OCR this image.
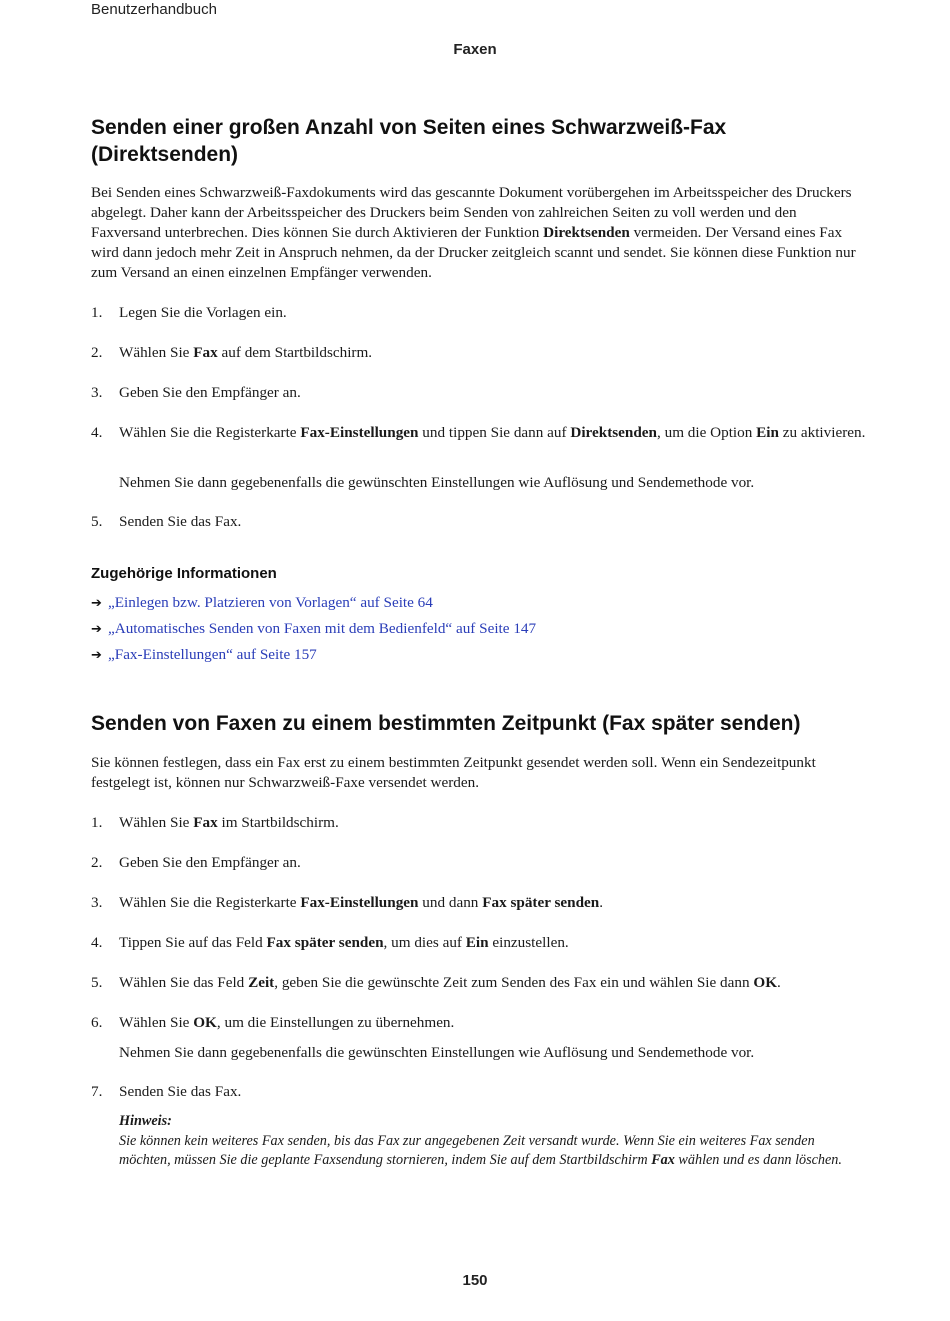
Benutzerhandbuch
Faxen
Senden einer großen Anzahl von Seiten eines Schwarzweiß-Fax (Direktsenden)
Bei Senden eines Schwarzweiß-Faxdokuments wird das gescannte Dokument vorübergehen im Arbeitsspeicher des Druckers abgelegt. Daher kann der Arbeitsspeicher des Druckers beim Senden von zahlreichen Seiten zu voll werden und den Faxversand unterbrechen. Dies können Sie durch Aktivieren der Funktion Direktsenden vermeiden. Der Versand eines Fax wird dann jedoch mehr Zeit in Anspruch nehmen, da der Drucker zeitgleich scannt und sendet. Sie können diese Funktion nur zum Versand an einen einzelnen Empfänger verwenden.
1.	Legen Sie die Vorlagen ein.
2.	Wählen Sie Fax auf dem Startbildschirm.
3.	Geben Sie den Empfänger an.
4.	Wählen Sie die Registerkarte Fax-Einstellungen und tippen Sie dann auf Direktsenden, um die Option Ein zu aktivieren.
Nehmen Sie dann gegebenenfalls die gewünschten Einstellungen wie Auflösung und Sendemethode vor.
5.	Senden Sie das Fax.
Zugehörige Informationen
➔ „Einlegen bzw. Platzieren von Vorlagen“ auf Seite 64
➔ „Automatisches Senden von Faxen mit dem Bedienfeld“ auf Seite 147
➔ „Fax-Einstellungen“ auf Seite 157
Senden von Faxen zu einem bestimmten Zeitpunkt (Fax später senden)
Sie können festlegen, dass ein Fax erst zu einem bestimmten Zeitpunkt gesendet werden soll. Wenn ein Sendezeitpunkt festgelegt ist, können nur Schwarzweiß-Faxe versendet werden.
1.	Wählen Sie Fax im Startbildschirm.
2.	Geben Sie den Empfänger an.
3.	Wählen Sie die Registerkarte Fax-Einstellungen und dann Fax später senden.
4.	Tippen Sie auf das Feld Fax später senden, um dies auf Ein einzustellen.
5.	Wählen Sie das Feld Zeit, geben Sie die gewünschte Zeit zum Senden des Fax ein und wählen Sie dann OK.
6.	Wählen Sie OK, um die Einstellungen zu übernehmen.
Nehmen Sie dann gegebenenfalls die gewünschten Einstellungen wie Auflösung und Sendemethode vor.
7.	Senden Sie das Fax.
Hinweis:
Sie können kein weiteres Fax senden, bis das Fax zur angegebenen Zeit versandt wurde. Wenn Sie ein weiteres Fax senden möchten, müssen Sie die geplante Faxsendung stornieren, indem Sie auf dem Startbildschirm Fax wählen und es dann löschen.
150
